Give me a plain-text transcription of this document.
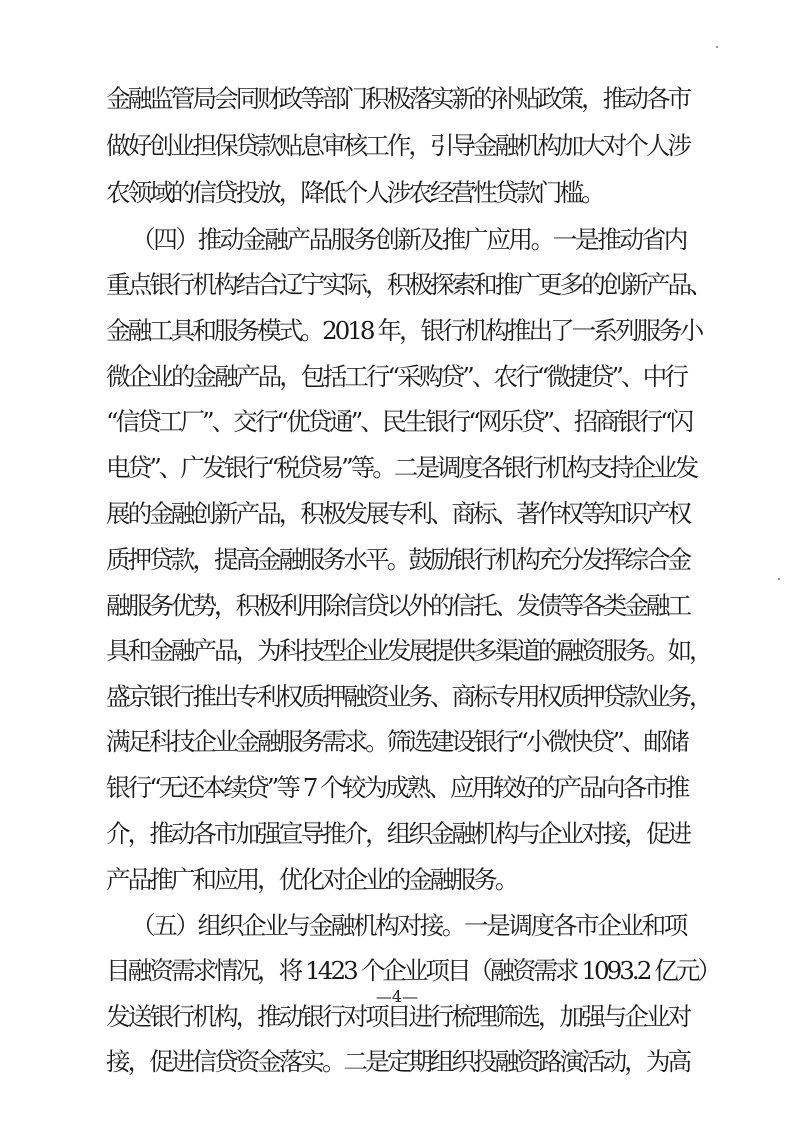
金融监管局会同财政等部门积极落实新的补贴政策，推动各市
做好创业担保贷款贴息审核工作，引导金融机构加大对个人涉
农领域的信贷投放，降低个人涉农经营性贷款门槛。
（四）推动金融产品服务创新及推广应用。一是推动省内
重点银行机构结合辽宁实际，积极探索和推广更多的创新产品、
金融工具和服务模式。2018 年，银行机构推出了一系列服务小
微企业的金融产品，包括工行“采购贷”、农行“微捷贷”、中行
“信贷工厂”、交行“优贷通”、民生银行“网乐贷”、招商银行“闪
电贷”、广发银行“税贷易”等。二是调度各银行机构支持企业发
展的金融创新产品，积极发展专利、商标、著作权等知识产权
质押贷款，提高金融服务水平。鼓励银行机构充分发挥综合金
融服务优势，积极利用除信贷以外的信托、发债等各类金融工
具和金融产品，为科技型企业发展提供多渠道的融资服务。如，
盛京银行推出专利权质押融资业务、商标专用权质押贷款业务，
满足科技企业金融服务需求。筛选建设银行“小微快贷”、邮储
银行“无还本续贷”等 7 个较为成熟、应用较好的产品向各市推
介，推动各市加强宣导推介，组织金融机构与企业对接，促进
产品推广和应用，优化对企业的金融服务。
（五）组织企业与金融机构对接。一是调度各市企业和项
目融资需求情况，将 1423 个企业项目（融资需求 1093.2 亿元）
发送银行机构，推动银行对项目进行梳理筛选，加强与企业对
接，促进信贷资金落实。二是定期组织投融资路演活动，为高
—4—
